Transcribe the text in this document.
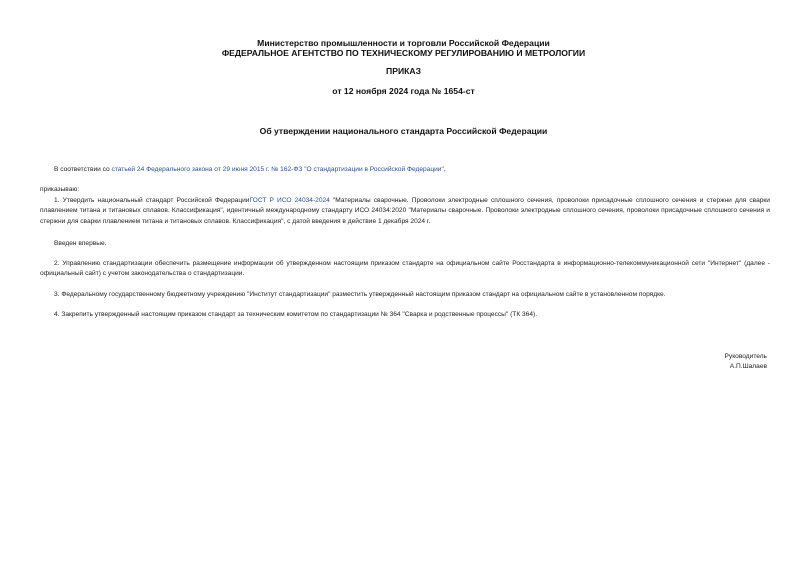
Министерство промышленности и торговли Российской Федерации
ФЕДЕРАЛЬНОЕ АГЕНТСТВО ПО ТЕХНИЧЕСКОМУ РЕГУЛИРОВАНИЮ И МЕТРОЛОГИИ
ПРИКАЗ
от 12 ноября 2024 года № 1654-ст
Об утверждении национального стандарта Российской Федерации
В соответствии со статьей 24 Федерального закона от 29 июня 2015 г. № 162-ФЗ "О стандартизации в Российской Федерации",
приказываю:
1. Утвердить национальный стандарт Российской ФедерацииГОСТ Р ИСО 24034-2024 "Материалы сварочные. Проволоки электродные сплошного сечения, проволоки присадочные сплошного сечения и стержни для сварки плавлением титана и титановых сплавов. Классификация", идентичный международному стандарту ИСО 24034:2020 "Материалы сварочные. Проволоки электродные сплошного сечения, проволоки присадочные сплошного сечения и стержни для сварки плавлением титана и титановых сплавов. Классификация", с датой введения в действие 1 декабря 2024 г.
Введен впервые.
2. Управлению стандартизации обеспечить размещение информации об утвержденном настоящим приказом стандарте на официальном сайте Росстандарта в информационно-телекоммуникационной сети "Интернет" (далее - официальный сайт) с учетом законодательства о стандартизации.
3. Федеральному государственному бюджетному учреждению "Институт стандартизации" разместить утвержденный настоящим приказом стандарт на официальном сайте в установленном порядке.
4. Закрепить утвержденный настоящим приказом стандарт за техническим комитетом по стандартизации № 364 "Сварка и родственные процессы" (ТК 364).
Руководитель
А.П.Шалаев
